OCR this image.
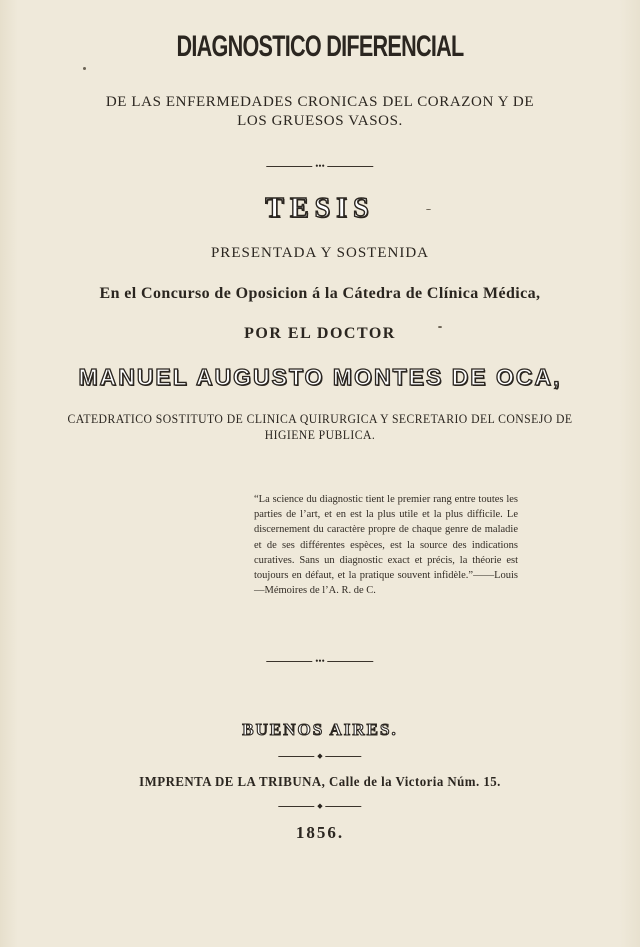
DIAGNOSTICO DIFERENCIAL
DE LAS ENFERMEDADES CRONICAS DEL CORAZON Y DE
LOS GRUESOS VASOS.
•••
TESIS
PRESENTADA Y SOSTENIDA
En el Concurso de Oposicion á la Cátedra de Clínica Médica,
POR EL DOCTOR
MANUEL AUGUSTO MONTES DE OCA,
CATEDRATICO SOSTITUTO DE CLINICA QUIRURGICA Y SECRETARIO DEL CONSEJO DE
HIGIENE PUBLICA.
“La science du diagnostic tient le premier rang entre toutes les parties de l’art, et en est la plus utile et la plus difficile. Le discernement du caractère propre de chaque genre de maladie et de ses différentes espèces, est la source des indications curatives. Sans un diagnostic exact et précis, la théorie est toujours en défaut, et la pratique souvent infidèle.”——Louis—Mémoires de l’A. R. de C.
•••
BUENOS AIRES.
◆
IMPRENTA DE LA TRIBUNA, Calle de la Victoria Núm. 15.
◆
1856.
